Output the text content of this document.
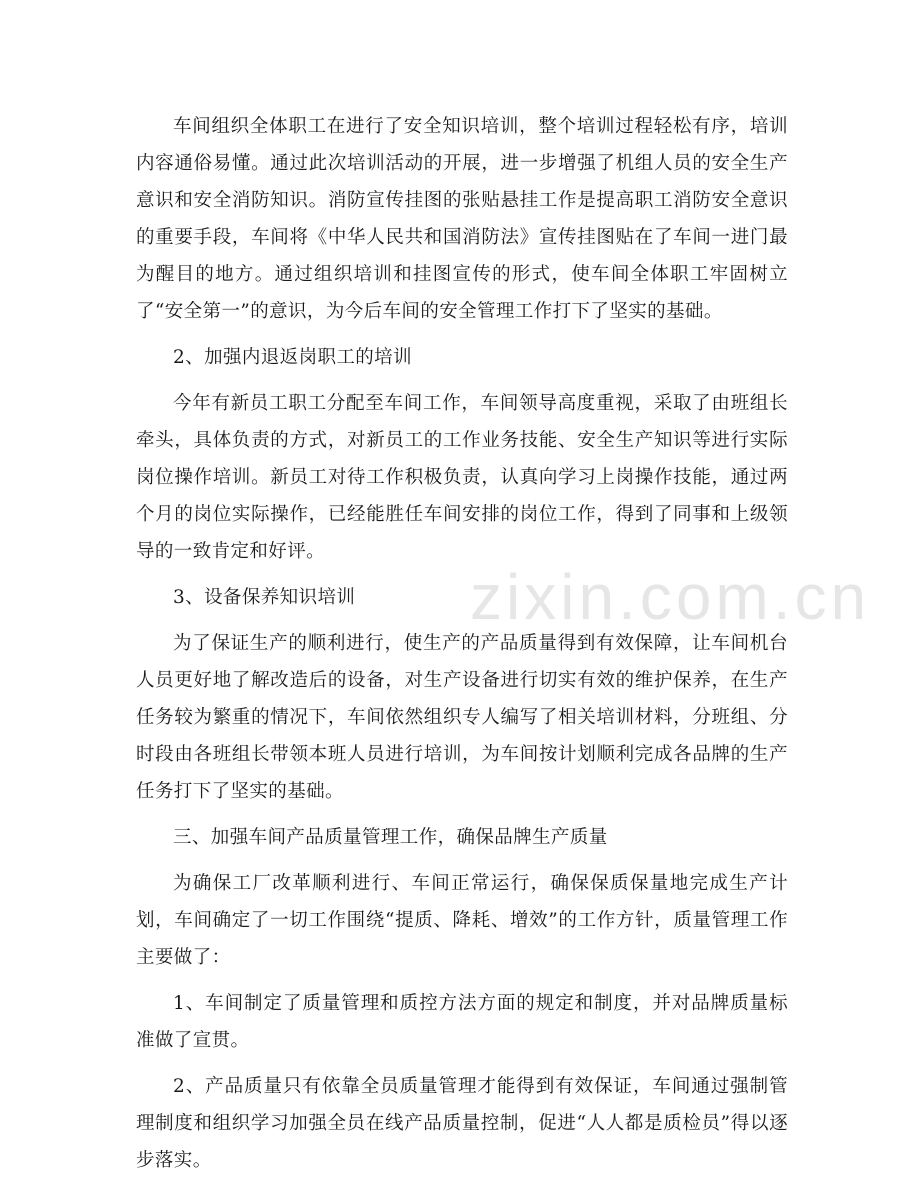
zixin.com.cn

车间组织全体职工在进行了安全知识培训，整个培训过程轻松有序，培训内容通俗易懂。通过此次培训活动的开展，进一步增强了机组人员的安全生产意识和安全消防知识。消防宣传挂图的张贴悬挂工作是提高职工消防安全意识的重要手段，车间将《中华人民共和国消防法》宣传挂图贴在了车间一进门最为醒目的地方。通过组织培训和挂图宣传的形式，使车间全体职工牢固树立了“安全第一”的意识，为今后车间的安全管理工作打下了坚实的基础。

2、加强内退返岗职工的培训

今年有新员工职工分配至车间工作，车间领导高度重视，采取了由班组长牵头，具体负责的方式，对新员工的工作业务技能、安全生产知识等进行实际岗位操作培训。新员工对待工作积极负责，认真向学习上岗操作技能，通过两个月的岗位实际操作，已经能胜任车间安排的岗位工作，得到了同事和上级领导的一致肯定和好评。

3、设备保养知识培训

为了保证生产的顺利进行，使生产的产品质量得到有效保障，让车间机台人员更好地了解改造后的设备，对生产设备进行切实有效的维护保养，在生产任务较为繁重的情况下，车间依然组织专人编写了相关培训材料，分班组、分时段由各班组长带领本班人员进行培训，为车间按计划顺利完成各品牌的生产任务打下了坚实的基础。

三、加强车间产品质量管理工作，确保品牌生产质量

为确保工厂改革顺利进行、车间正常运行，确保保质保量地完成生产计划，车间确定了一切工作围绕“提质、降耗、增效”的工作方针，质量管理工作主要做了：

1、车间制定了质量管理和质控方法方面的规定和制度，并对品牌质量标准做了宣贯。

2、产品质量只有依靠全员质量管理才能得到有效保证，车间通过强制管理制度和组织学习加强全员在线产品质量控制，促进“人人都是质检员”得以逐步落实。
